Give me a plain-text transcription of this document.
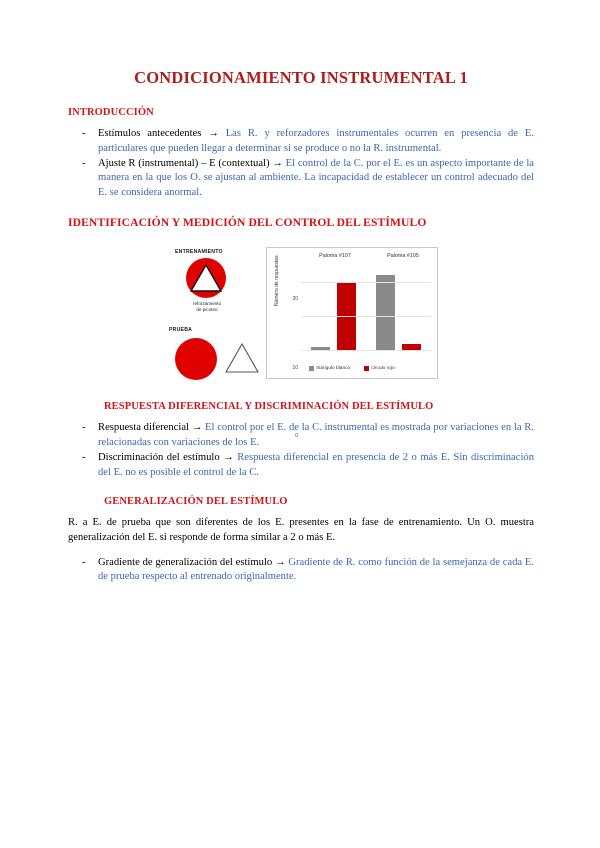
CONDICIONAMIENTO INSTRUMENTAL 1
INTRODUCCIÓN
- Estímulos antecedentes → Las R. y reforzadores instrumentales ocurren en presencia de E. particulares que pueden llegar a determinar si se produce o no la R. instrumental.
- Ajuste R (instrumental) – E (contextual) → El control de la C. por el E. es un aspecto importante de la manera en la que los O. se ajustan al ambiente. La incapacidad de establecer un control adecuado del E. se considera anormal.
IDENTIFICACIÓN Y MEDICIÓN DEL CONTROL DEL ESTÍMULO
ENTRENAMIENTO
reforzamiento
de picoteo
PRUEBA
Paloma #107	Paloma #105
Número de respuestas
0
10
20
triángulo blanco	círculo rojo
RESPUESTA DIFERENCIAL Y DISCRIMINACIÓN DEL ESTÍMULO
- Respuesta diferencial → El control por el E. de la C. instrumental es mostrada por variaciones en la R. relacionadas con variaciones de los E.
- Discriminación del estímulo → Respuesta diferencial en presencia de 2 o más E. Sin discriminación del E. no es posible el control de la C.
GENERALIZACIÓN DEL ESTÍMULO

R. a E. de prueba que son diferentes de los E. presentes en la fase de entrenamiento. Un O. muestra generalización del E. si responde de forma similar a 2 o más E.

- Gradiente de generalización del estímulo → Gradiente de R. como función de la semejanza de cada E. de prueba respecto al entrenado originalmente.
